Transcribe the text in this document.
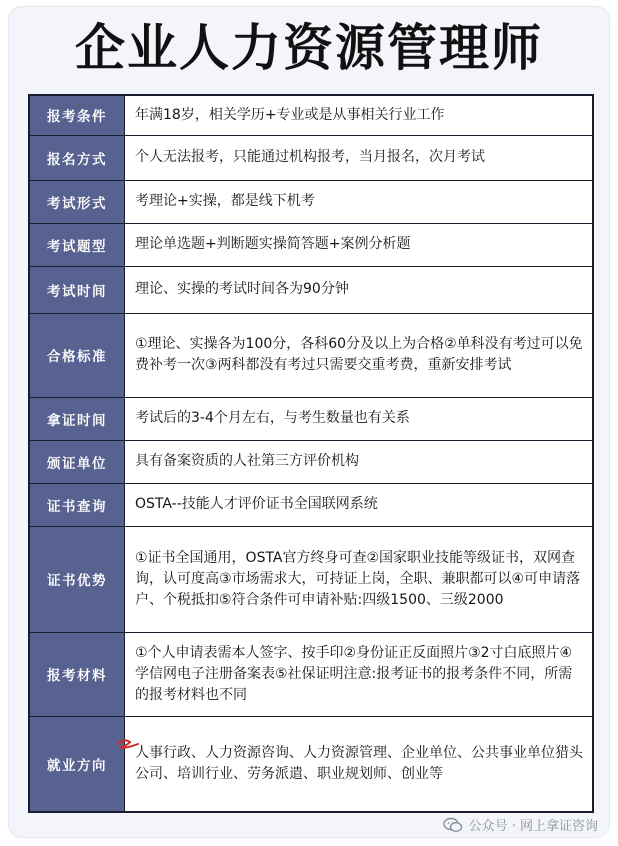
企业人力资源管理师
报考条件	年满18岁，相关学历+专业或是从事相关行业工作
报名方式	个人无法报考，只能通过机构报考，当月报名，次月考试
考试形式	考理论+实操，都是线下机考
考试题型	理论单选题+判断题实操简答题+案例分析题
考试时间	理论、实操的考试时间各为90分钟
合格标准	①理论、实操各为100分，各科60分及以上为合格②单科没有考过可以免费补考一次③两科都没有考过只需要交重考费，重新安排考试
拿证时间	考试后的3-4个月左右，与考生数量也有关系
颁证单位	具有备案资质的人社第三方评价机构
证书查询	OSTA--技能人才评价证书全国联网系统
证书优势	①证书全国通用，OSTA官方终身可查②国家职业技能等级证书，双网查询，认可度高③市场需求大，可持证上岗，全职、兼职都可以④可申请落户、个税抵扣⑤符合条件可申请补贴:四级1500、三级2000
报考材料	①个人申请表需本人签字、按手印②身份证正反面照片③2寸白底照片④学信网电子注册备案表⑤社保证明注意:报考证书的报考条件不同，所需的报考材料也不同
就业方向	人事行政、人力资源咨询、人力资源管理、企业单位、公共事业单位猎头公司、培训行业、劳务派遣、职业规划师、创业等
公众号 · 网上拿证咨询
